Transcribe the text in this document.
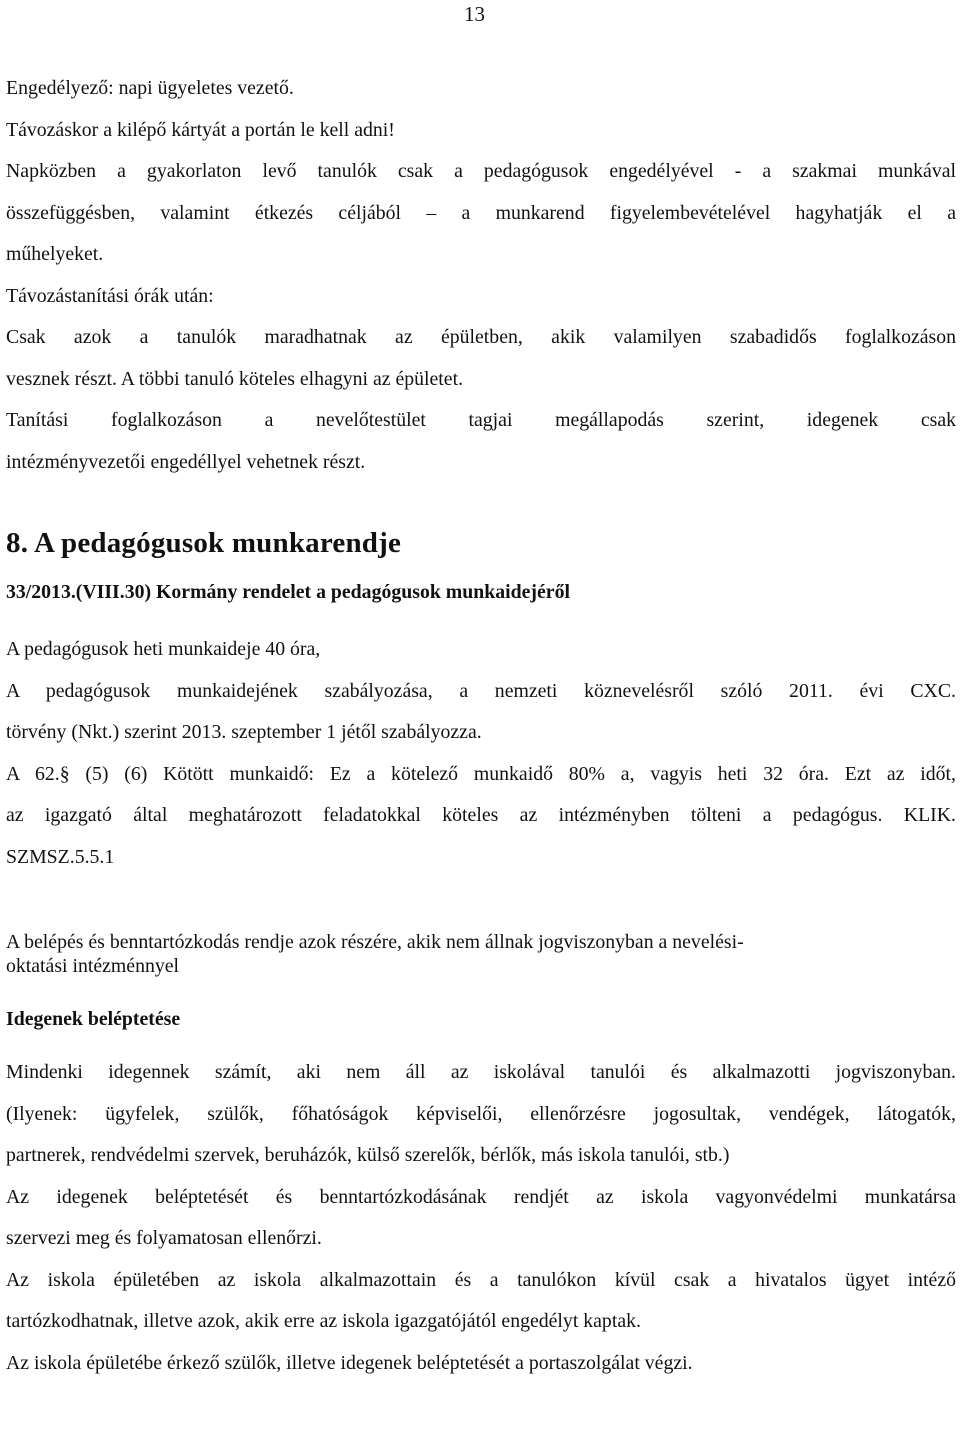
13

Engedélyező: napi ügyeletes vezető.

Távozáskor a kilépő kártyát a portán le kell adni!

Napközben a gyakorlaton levő tanulók csak a pedagógusok engedélyével - a szakmai munkával

összefüggésben, valamint étkezés céljából – a munkarend figyelembevételével hagyhatják el a

műhelyeket.

Távozástanítási órák után:

Csak azok a tanulók maradhatnak az épületben, akik valamilyen szabadidős foglalkozáson

vesznek részt. A többi tanuló köteles elhagyni az épületet.

Tanítási foglalkozáson a nevelőtestület tagjai megállapodás szerint, idegenek csak

intézményvezetői engedéllyel vehetnek részt.

8. A pedagógusok munkarendje

33/2013.(VIII.30) Kormány rendelet a pedagógusok munkaidejéről

A pedagógusok heti munkaideje 40 óra,

A pedagógusok munkaidejének szabályozása, a nemzeti köznevelésről szóló 2011. évi CXC.

törvény (Nkt.) szerint 2013. szeptember 1 jétől szabályozza.

A 62.§ (5) (6) Kötött munkaidő: Ez a kötelező munkaidő 80% a, vagyis heti 32 óra. Ezt az időt,

az igazgató által meghatározott feladatokkal köteles az intézményben tölteni a pedagógus. KLIK.

SZMSZ.5.5.1

A belépés és benntartózkodás rendje azok részére, akik nem állnak jogviszonyban a nevelési-
oktatási intézménnyel

Idegenek beléptetése

Mindenki idegennek számít, aki nem áll az iskolával tanulói és alkalmazotti jogviszonyban.

(Ilyenek: ügyfelek, szülők, főhatóságok képviselői, ellenőrzésre jogosultak, vendégek, látogatók,

partnerek, rendvédelmi szervek, beruházók, külső szerelők, bérlők, más iskola tanulói, stb.)

Az idegenek beléptetését és benntartózkodásának rendjét az iskola vagyonvédelmi munkatársa

szervezi meg és folyamatosan ellenőrzi.

Az iskola épületében az iskola alkalmazottain és a tanulókon kívül csak a hivatalos ügyet intéző

tartózkodhatnak, illetve azok, akik erre az iskola igazgatójától engedélyt kaptak.

Az iskola épületébe érkező szülők, illetve idegenek beléptetését a portaszolgálat végzi.
